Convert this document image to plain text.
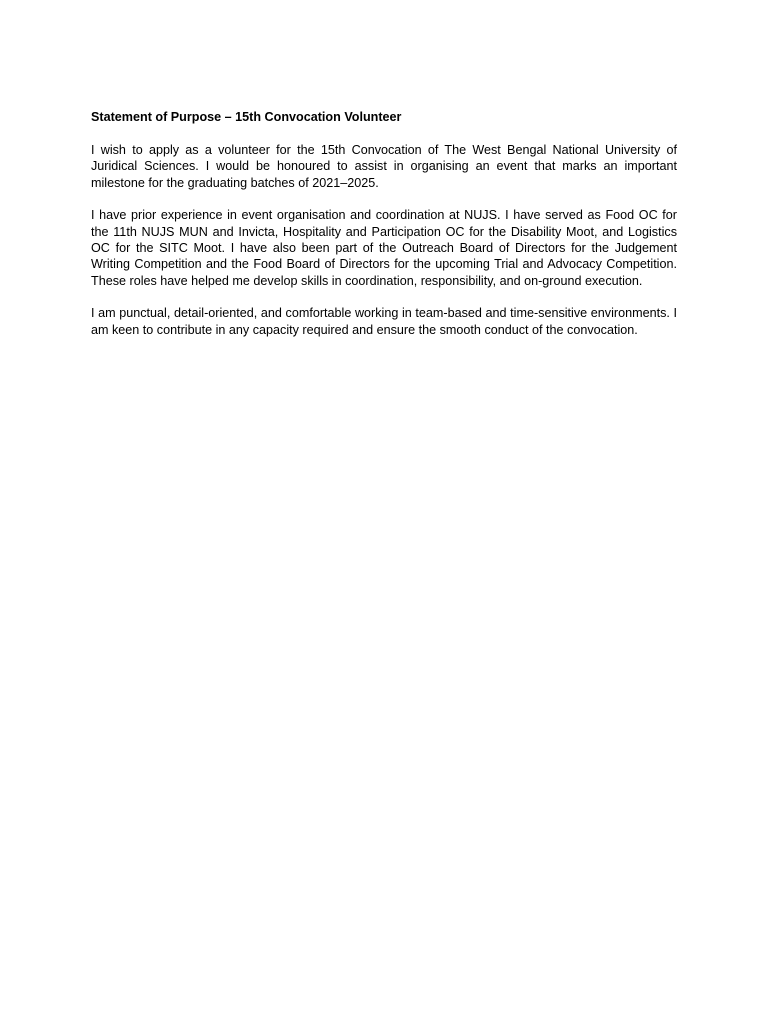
Statement of Purpose – 15th Convocation Volunteer

I wish to apply as a volunteer for the 15th Convocation of The West Bengal National University of Juridical Sciences. I would be honoured to assist in organising an event that marks an important milestone for the graduating batches of 2021–2025.

I have prior experience in event organisation and coordination at NUJS. I have served as Food OC for the 11th NUJS MUN and Invicta, Hospitality and Participation OC for the Disability Moot, and Logistics OC for the SITC Moot. I have also been part of the Outreach Board of Directors for the Judgement Writing Competition and the Food Board of Directors for the upcoming Trial and Advocacy Competition. These roles have helped me develop skills in coordination, responsibility, and on-ground execution.

I am punctual, detail-oriented, and comfortable working in team-based and time-sensitive environments. I am keen to contribute in any capacity required and ensure the smooth conduct of the convocation.
